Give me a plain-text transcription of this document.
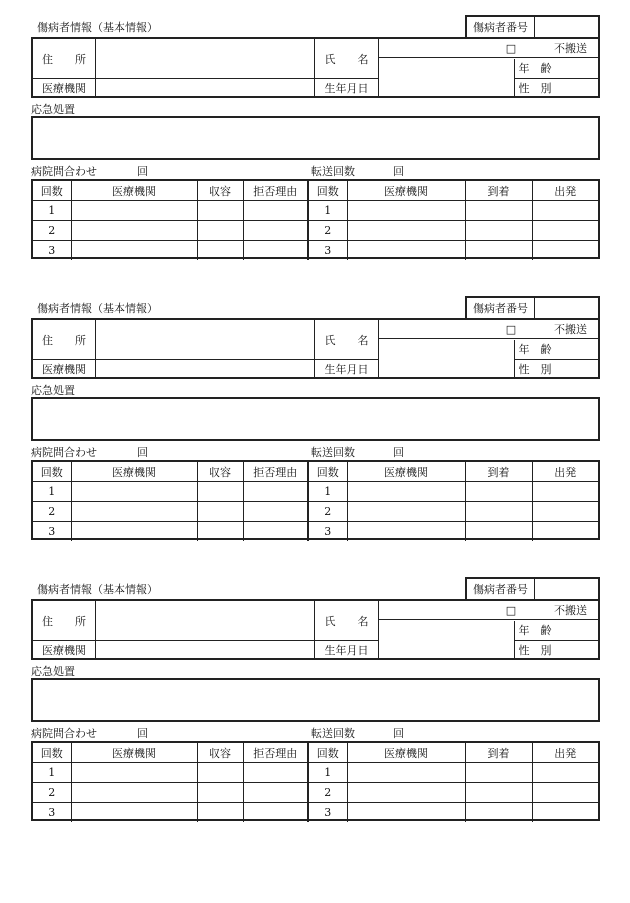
傷病者情報（基本情報）	傷病者番号
住　　所	氏　　名
□	不搬送
年　齢
性　別
医療機関	生年月日
応急処置
病院問合わせ	回	転送回数	回
回数	医療機関	収容	拒否理由	回数	医療機関	到着	出発
1				1			
2				2			
3				3			
傷病者情報（基本情報）	傷病者番号
住　　所	氏　　名
□	不搬送
年　齢
性　別
医療機関	生年月日
応急処置
病院問合わせ	回	転送回数	回
回数	医療機関	収容	拒否理由	回数	医療機関	到着	出発
1				1			
2				2			
3				3			
傷病者情報（基本情報）	傷病者番号
住　　所	氏　　名
□	不搬送
年　齢
性　別
医療機関	生年月日
応急処置
病院問合わせ	回	転送回数	回
回数	医療機関	収容	拒否理由	回数	医療機関	到着	出発
1				1			
2				2			
3				3			
